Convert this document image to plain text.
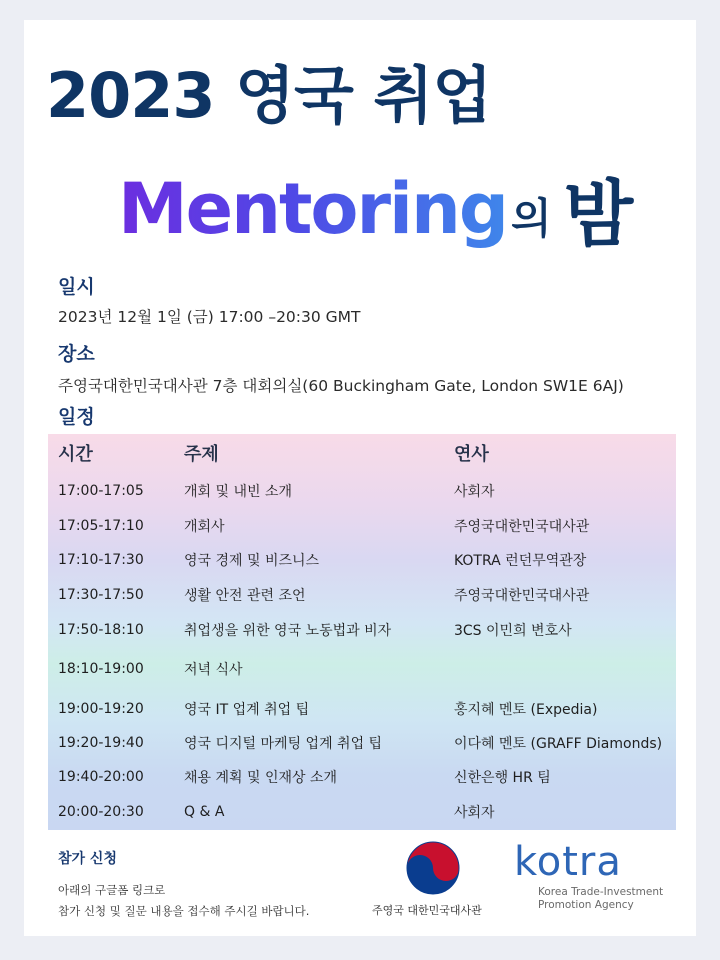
2023 영국 취업
Mentoring의 밤

일시

2023년 12월 1일 (금) 17:00 –20:30 GMT

장소

주영국대한민국대사관 7층 대회의실(60 Buckingham Gate, London SW1E 6AJ)

일정

시간	주제	연사
17:00-17:05	개회 및 내빈 소개	사회자
17:05-17:10	개회사	주영국대한민국대사관
17:10-17:30	영국 경제 및 비즈니스	KOTRA 런던무역관장
17:30-17:50	생활 안전 관련 조언	주영국대한민국대사관
17:50-18:10	취업생을 위한 영국 노동법과 비자	3CS 이민희 변호사
18:10-19:00	저녁 식사
19:00-19:20	영국 IT 업계 취업 팁	홍지혜 멘토 (Expedia)
19:20-19:40	영국 디지털 마케팅 업계 취업 팁	이다혜 멘토 (GRAFF Diamonds)
19:40-20:00	채용 계획 및 인재상 소개	신한은행 HR 팀
20:00-20:30	Q & A	사회자

참가 신청

아래의 구글폼 링크로

참가 신청 및 질문 내용을 접수해 주시길 바랍니다.	주영국 대한민국대사관

kotra

Korea Trade-Investment

Promotion Agency
